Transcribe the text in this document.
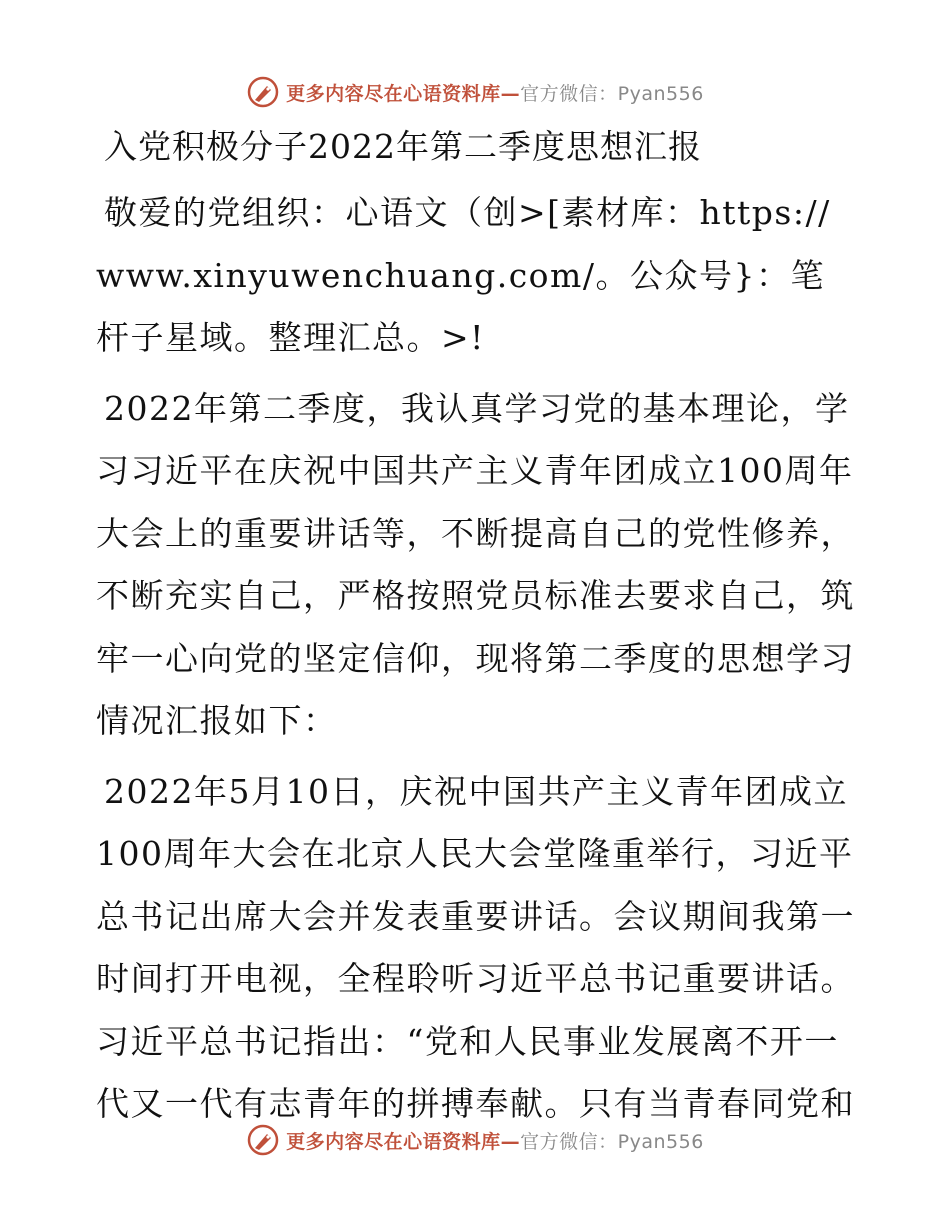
更多内容尽在心语资料库—官方微信：Pyan556
入党积极分子2022年第二季度思想汇报

敬爱的党组织：心语文（创>[素材库：https://www.xinyuwenchuang.com/。公众号}：笔杆子星域。整理汇总。>!

2022年第二季度，我认真学习党的基本理论，学习习近平在庆祝中国共产主义青年团成立100周年大会上的重要讲话等，不断提高自己的党性修养，不断充实自己，严格按照党员标准去要求自己，筑牢一心向党的坚定信仰，现将第二季度的思想学习情况汇报如下：

2022年5月10日，庆祝中国共产主义青年团成立100周年大会在北京人民大会堂隆重举行，习近平总书记出席大会并发表重要讲话。会议期间我第一时间打开电视，全程聆听习近平总书记重要讲话。习近平总书记指出：“党和人民事业发展离不开一代又一代有志青年的拼搏奉献。只有当青春同党和

更多内容尽在心语资料库—官方微信：Pyan556
